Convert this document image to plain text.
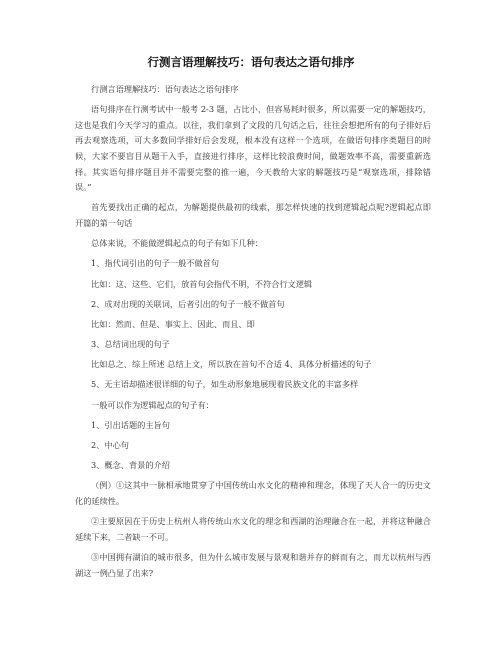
行测言语理解技巧：语句表达之语句排序

行测言语理解技巧：语句表达之语句排序

语句排序在行测考试中一般考 2-3 题，占比小，但容易耗时很多，所以需要一定的解题技巧，这也是我们今天学习的重点。以往，我们拿到了文段的几句话之后，往往会想把所有的句子排好后再去观察选项，可大多数同学排好后会发现，根本没有这样一个选项，在做语句排序类题目的时候，大家不要盲目从题干入手，直接进行排序，这样比较浪费时间，做题效率不高，需要重新选择。其实语句排序题目并不需要完整的推一遍，今天教给大家的解题技巧是“观察选项，排除错误。”

首先要找出正确的起点，为解题提供最初的线索，那怎样快速的找到逻辑起点呢?逻辑起点即开篇的第一句话

总体来说，不能做逻辑起点的句子有如下几种：

1、指代词引出的句子一般不做首句

比如：这、这些、它们，放首句会指代不明，不符合行文逻辑

2、成对出现的关联词，后者引出的句子一般不做首句

比如：然而、但是、事实上、因此、而且、即

3、总结词出现的句子

比如总之、综上所述 总结上文，所以放在首句不合适 4、具体分析描述的句子

5、无主语却描述很详细的句子，如生动形象地展现着民族文化的丰富多样

一般可以作为逻辑起点的句子有：

1、引出话题的主旨句

2、中心句

3、概念、背景的介绍

（例）①这其中一脉相承地贯穿了中国传统山水文化的精神和理念，体现了天人合一的历史文化的延续性。

②主要原因在于历史上杭州人将传统山水文化的理念和西湖的治理融合在一起，并将这种融合延续下来，二者缺一不可。

③中国拥有湖泊的城市很多，但为什么城市发展与景观和谐并存的鲜而有之，而尤以杭州与西湖这一例凸显了出来?
